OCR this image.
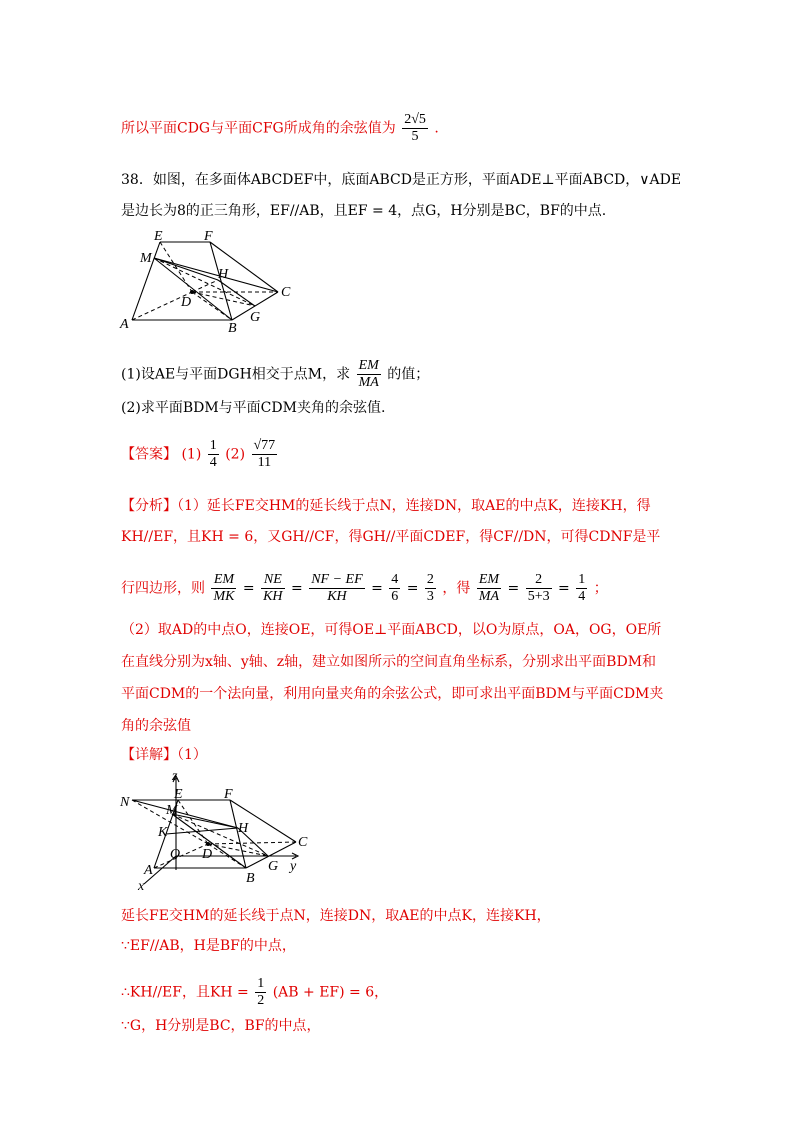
所以平面CDG与平面CFG所成角的余弦值为 $\frac{2√5}{5}$ .
38．如图，在多面体ABCDEF中，底面ABCD是正方形，平面ADE⊥平面ABCD，∨ADE
是边长为8的正三角形，EF//AB，且EF = 4，点G，H分别是BC，BF的中点.
E	F
M
H
C
D
A	B
G
(1)设AE与平面DGH相交于点M，求 $\frac{EM}{MA}$ 的值；
(2)求平面BDM与平面CDM夹角的余弦值.
【答案】 $(1) \frac{1}{4} (2) \frac{√77}{11}$
【分析】（1）延长FE交HM的延长线于点N，连接DN，取AE的中点K，连接KH，得
KH//EF，且KH = 6，又GH//CF，得GH//平面CDEF，得CF//DN，可得CDNF是平
行四边形，则 $\frac{EM}{MK} = \frac{NE}{KH} = \frac{NF - EF}{KH} = \frac{4}{6} = \frac{2}{3}$ ，得 $\frac{EM}{MA} = \frac{2}{5+3} = \frac{1}{4}$ ；
（2）取AD的中点O，连接OE，可得OE⊥平面ABCD，以O为原点，OA，OG，OE所
在直线分别为x轴、y轴、z轴，建立如图所示的空间直角坐标系，分别求出平面BDM和
平面CDM的一个法向量，利用向量夹角的余弦公式，即可求出平面BDM与平面CDM夹
角的余弦值
【详解】（1）
z
N
E	F
M
K	H
C
O D
A	G y
B
x
延长FE交HM的延长线于点N，连接DN，取AE的中点K，连接KH，
∵EF//AB，H是BF的中点，
∴KH//EF，且KH = $\frac{1}{2} (AB + EF) = 6$，
∵G，H分别是BC，BF的中点，
